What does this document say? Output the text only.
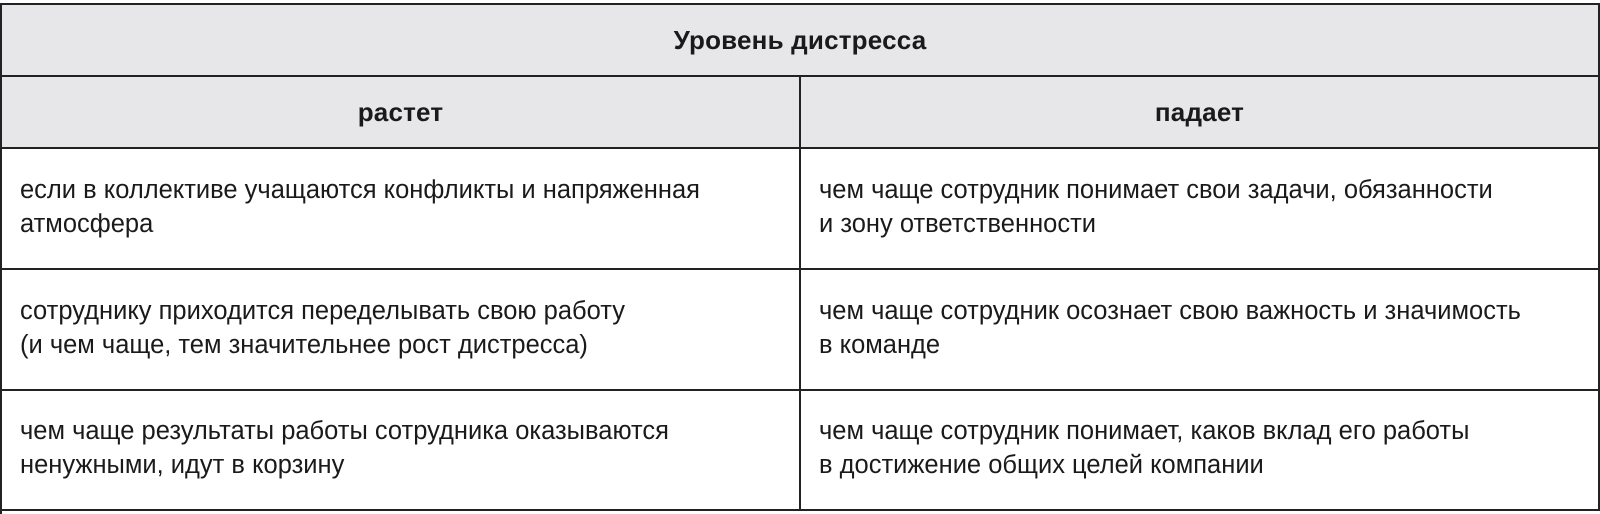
Уровень дистресса
растет	падает
если в коллективе учащаются конфликты и напряженная
атмосфера
чем чаще сотрудник понимает свои задачи, обязанности
и зону ответственности
сотруднику приходится переделывать свою работу
(и чем чаще, тем значительнее рост дистресса)
чем чаще сотрудник осознает свою важность и значимость
в команде
чем чаще результаты работы сотрудника оказываются
ненужными, идут в корзину
чем чаще сотрудник понимает, каков вклад его работы
в достижение общих целей компании
